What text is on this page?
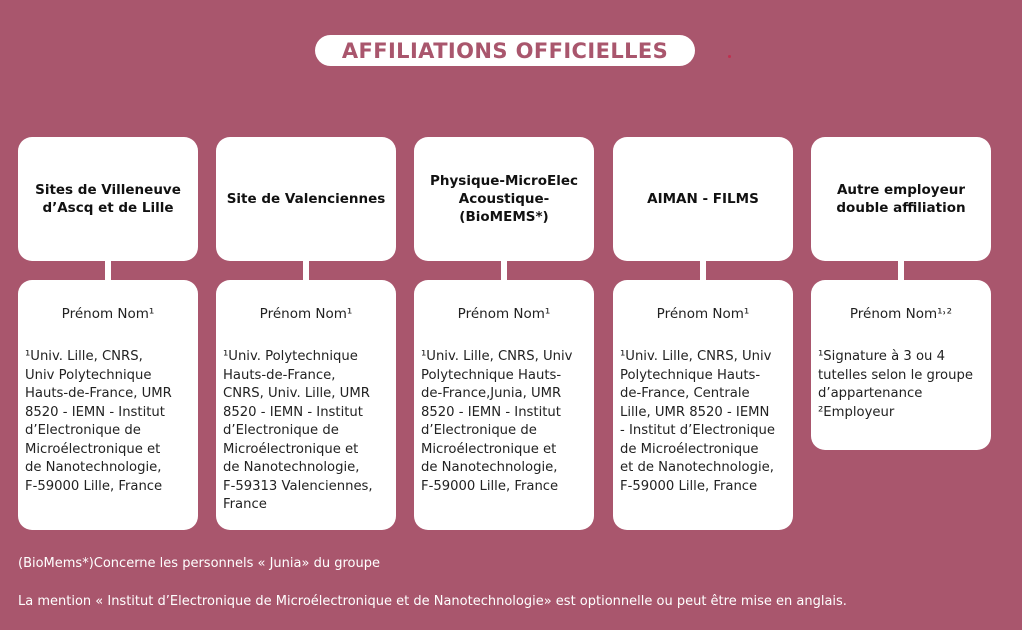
AFFILIATIONS OFFICIELLES
Sites de Villeneuve
d’Ascq et de Lille
Prénom Nom¹
¹Univ. Lille, CNRS,
Univ Polytechnique
Hauts-de-France, UMR
8520 - IEMN - Institut
d’Electronique de
Microélectronique et
de Nanotechnologie,
F-59000 Lille, France
Site de Valenciennes
Prénom Nom¹
¹Univ. Polytechnique
Hauts-de-France,
CNRS, Univ. Lille, UMR
8520 - IEMN - Institut
d’Electronique de
Microélectronique et
de Nanotechnologie,
F-59313 Valenciennes,
France
Physique-MicroElec
Acoustique-(BioMEMS*)
Prénom Nom¹
¹Univ. Lille, CNRS, Univ
Polytechnique Hauts-
de-France,Junia, UMR
8520 - IEMN - Institut
d’Electronique de
Microélectronique et
de Nanotechnologie,
F-59000 Lille, France
AIMAN - FILMS
Prénom Nom¹
¹Univ. Lille, CNRS, Univ
Polytechnique Hauts-
de-France, Centrale
Lille, UMR 8520 - IEMN
- Institut d’Electronique
de Microélectronique
et de Nanotechnologie,
F-59000 Lille, France
Autre employeur
double affiliation
Prénom Nom¹˒²
¹Signature à 3 ou 4
tutelles selon le groupe
d’appartenance
²Employeur
(BioMems*)Concerne les personnels « Junia» du groupe
La mention « Institut d’Electronique de Microélectronique et de Nanotechnologie» est optionnelle ou peut être mise en anglais.
